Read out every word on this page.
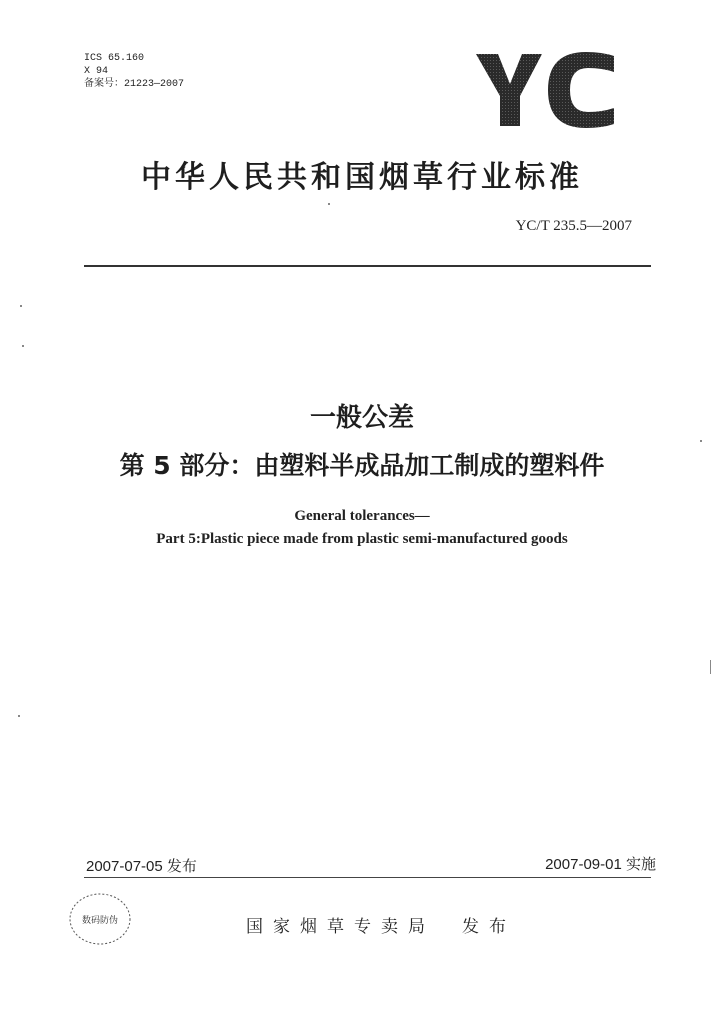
ICS 65.160
X 94
备案号：21223—2007
中华人民共和国烟草行业标准
YC/T 235.5—2007
一般公差
第 5 部分：由塑料半成品加工制成的塑料件
General tolerances—
Part 5:Plastic piece made from plastic semi-manufactured goods
2007-07-05 发布	2007-09-01 实施
数码防伪	国家烟草专卖局 发布
